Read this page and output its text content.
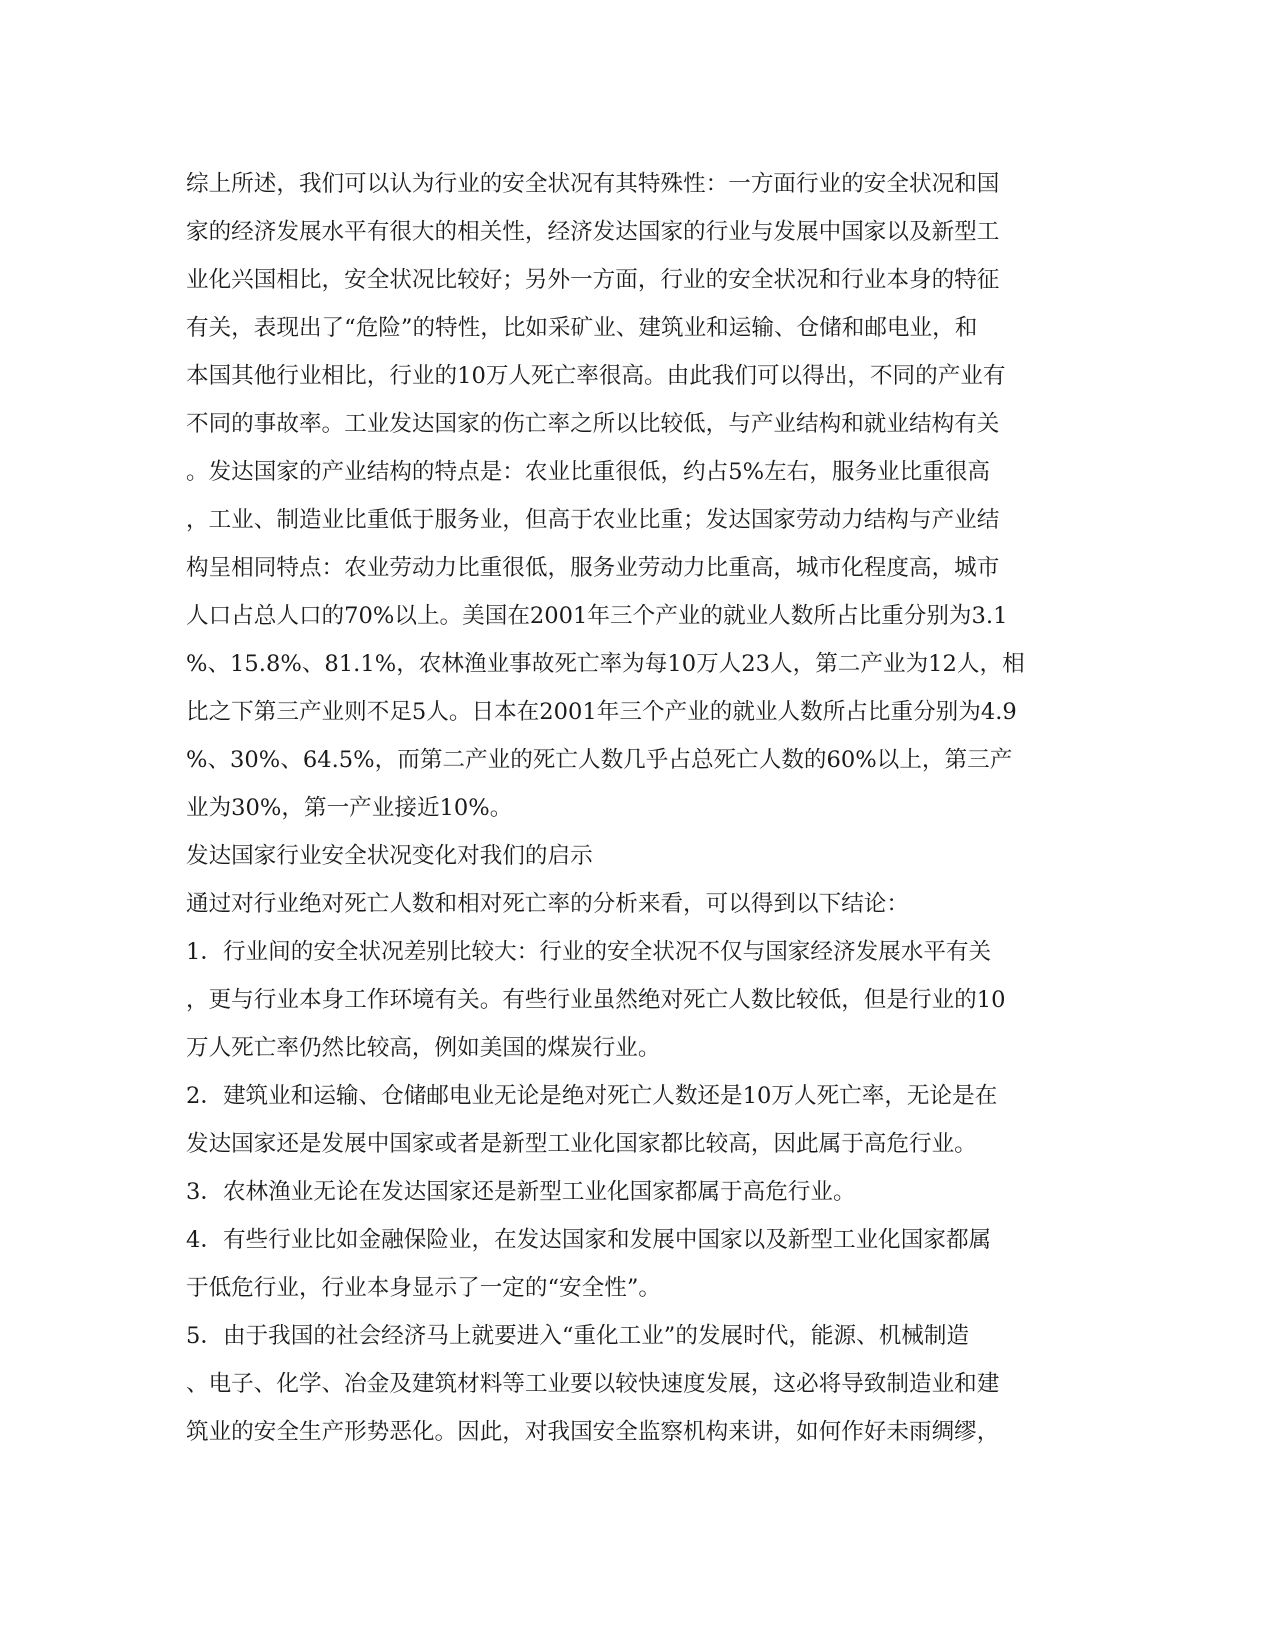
综上所述，我们可以认为行业的安全状况有其特殊性：一方面行业的安全状况和国
家的经济发展水平有很大的相关性，经济发达国家的行业与发展中国家以及新型工
业化兴国相比，安全状况比较好；另外一方面，行业的安全状况和行业本身的特征
有关，表现出了“危险”的特性，比如采矿业、建筑业和运输、仓储和邮电业，和
本国其他行业相比，行业的10万人死亡率很高。由此我们可以得出，不同的产业有
不同的事故率。工业发达国家的伤亡率之所以比较低，与产业结构和就业结构有关
。发达国家的产业结构的特点是：农业比重很低，约占5%左右，服务业比重很高
，工业、制造业比重低于服务业，但高于农业比重；发达国家劳动力结构与产业结
构呈相同特点：农业劳动力比重很低，服务业劳动力比重高，城市化程度高，城市
人口占总人口的70%以上。美国在2001年三个产业的就业人数所占比重分别为3.1
%、15.8%、81.1%，农林渔业事故死亡率为每10万人23人，第二产业为12人，相
比之下第三产业则不足5人。日本在2001年三个产业的就业人数所占比重分别为4.9
%、30%、64.5%，而第二产业的死亡人数几乎占总死亡人数的60%以上，第三产
业为30%，第一产业接近10%。
发达国家行业安全状况变化对我们的启示
通过对行业绝对死亡人数和相对死亡率的分析来看，可以得到以下结论：
1．行业间的安全状况差别比较大：行业的安全状况不仅与国家经济发展水平有关
，更与行业本身工作环境有关。有些行业虽然绝对死亡人数比较低，但是行业的10
万人死亡率仍然比较高，例如美国的煤炭行业。
2．建筑业和运输、仓储邮电业无论是绝对死亡人数还是10万人死亡率，无论是在
发达国家还是发展中国家或者是新型工业化国家都比较高，因此属于高危行业。
3．农林渔业无论在发达国家还是新型工业化国家都属于高危行业。
4．有些行业比如金融保险业，在发达国家和发展中国家以及新型工业化国家都属
于低危行业，行业本身显示了一定的“安全性”。
5．由于我国的社会经济马上就要进入“重化工业”的发展时代，能源、机械制造
、电子、化学、冶金及建筑材料等工业要以较快速度发展，这必将导致制造业和建
筑业的安全生产形势恶化。因此，对我国安全监察机构来讲，如何作好未雨绸缪，
